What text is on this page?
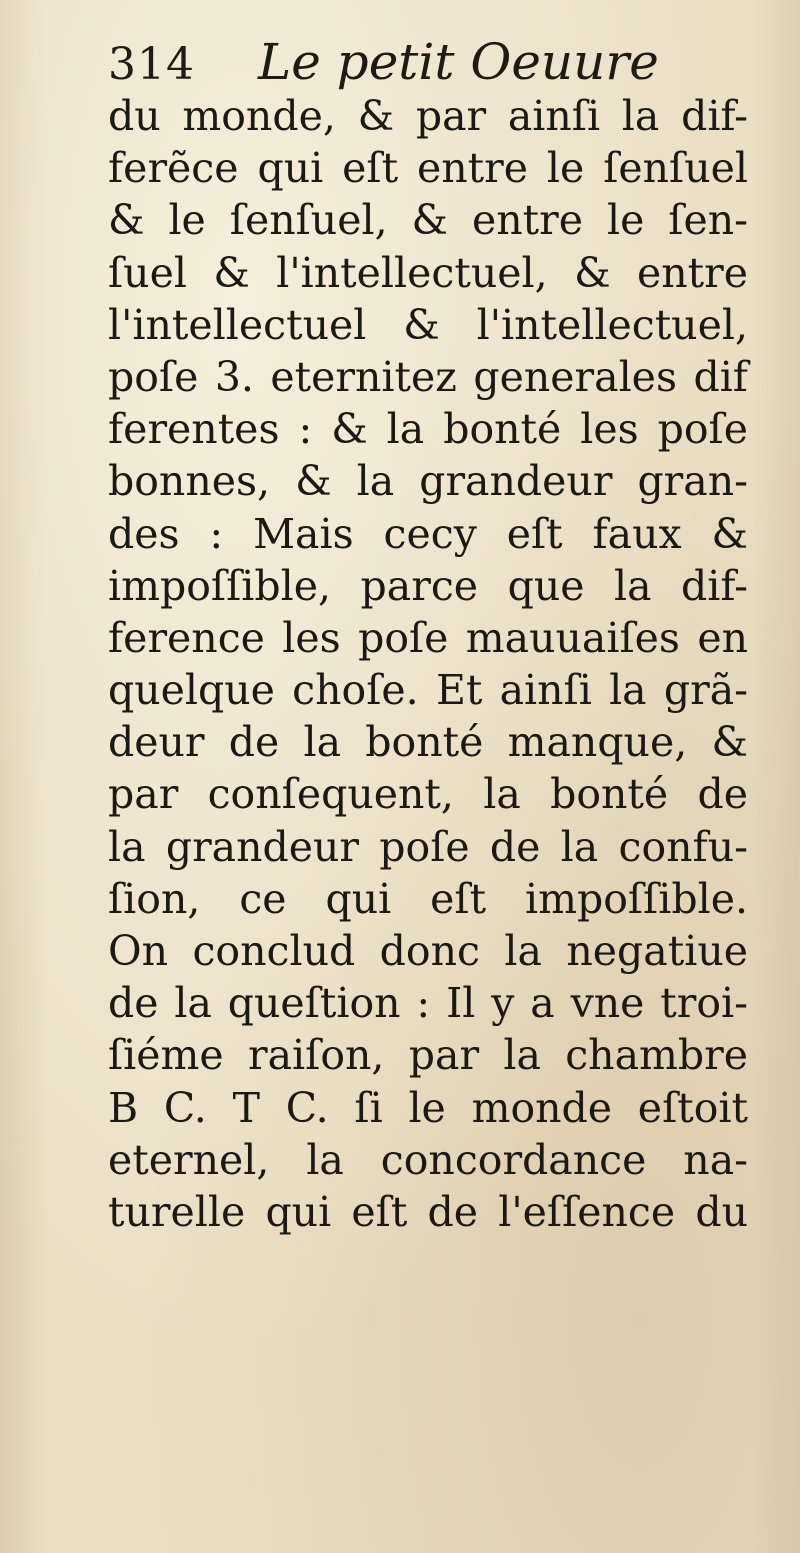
314 Le petit Oeuure
du monde, & par ainſi la dif-
ferẽce qui eſt entre le ſenſuel
& le ſenſuel, & entre le ſen-
ſuel & l'intellectuel, & entre
l'intellectuel & l'intellectuel,
poſe 3. eternitez generales dif
ferentes : & la bonté les poſe
bonnes, & la grandeur gran-
des : Mais cecy eſt faux &
impoſſible, parce que la dif-
ference les poſe mauuaiſes en
quelque choſe. Et ainſi la grã-
deur de la bonté manque, &
par conſequent, la bonté de
la grandeur poſe de la confu-
ſion, ce qui eſt impoſſible.
On conclud donc la negatiue
de la queſtion : Il y a vne troi-
ſiéme raiſon, par la chambre
B C. T C. ſi le monde eſtoit
eternel, la concordance na-
turelle qui eſt de l'eſſence du
